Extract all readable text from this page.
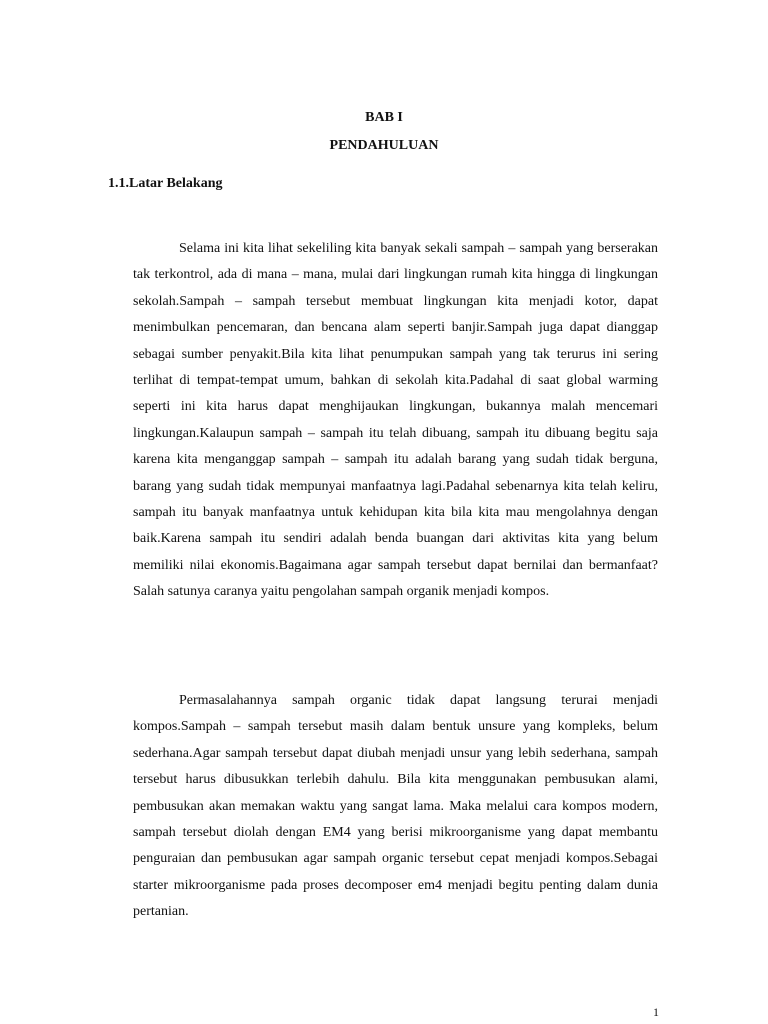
BAB I

PENDAHULUAN

1.1.Latar Belakang

Selama ini kita lihat sekeliling kita banyak sekali sampah – sampah yang berserakan tak terkontrol, ada di mana – mana, mulai dari lingkungan rumah kita hingga di lingkungan sekolah.Sampah – sampah tersebut membuat lingkungan kita menjadi kotor, dapat menimbulkan pencemaran, dan bencana alam seperti banjir.Sampah juga dapat dianggap sebagai sumber penyakit.Bila kita lihat penumpukan sampah yang tak terurus ini sering terlihat di tempat-tempat umum, bahkan di sekolah kita.Padahal di saat global warming seperti ini kita harus dapat menghijaukan lingkungan, bukannya malah mencemari lingkungan.Kalaupun sampah – sampah itu telah dibuang, sampah itu dibuang begitu saja karena kita menganggap sampah – sampah itu adalah barang yang sudah tidak berguna, barang yang sudah tidak mempunyai manfaatnya lagi.Padahal sebenarnya kita telah keliru, sampah itu banyak manfaatnya untuk kehidupan kita bila kita mau mengolahnya dengan baik.Karena sampah itu sendiri adalah benda buangan dari aktivitas kita yang belum memiliki nilai ekonomis.Bagaimana agar sampah tersebut dapat bernilai dan bermanfaat?Salah satunya caranya yaitu pengolahan sampah organik menjadi kompos.

Permasalahannya sampah organic tidak dapat langsung terurai menjadi kompos.Sampah – sampah tersebut masih dalam bentuk unsure yang kompleks, belum sederhana.Agar sampah tersebut dapat diubah menjadi unsur yang lebih sederhana, sampah tersebut harus dibusukkan terlebih dahulu. Bila kita menggunakan pembusukan alami, pembusukan akan memakan waktu yang sangat lama. Maka melalui cara kompos modern, sampah tersebut diolah dengan EM4 yang berisi mikroorganisme yang dapat membantu penguraian dan pembusukan agar sampah organic tersebut cepat menjadi kompos.Sebagai starter mikroorganisme pada proses decomposer em4 menjadi begitu penting dalam dunia pertanian.

1
